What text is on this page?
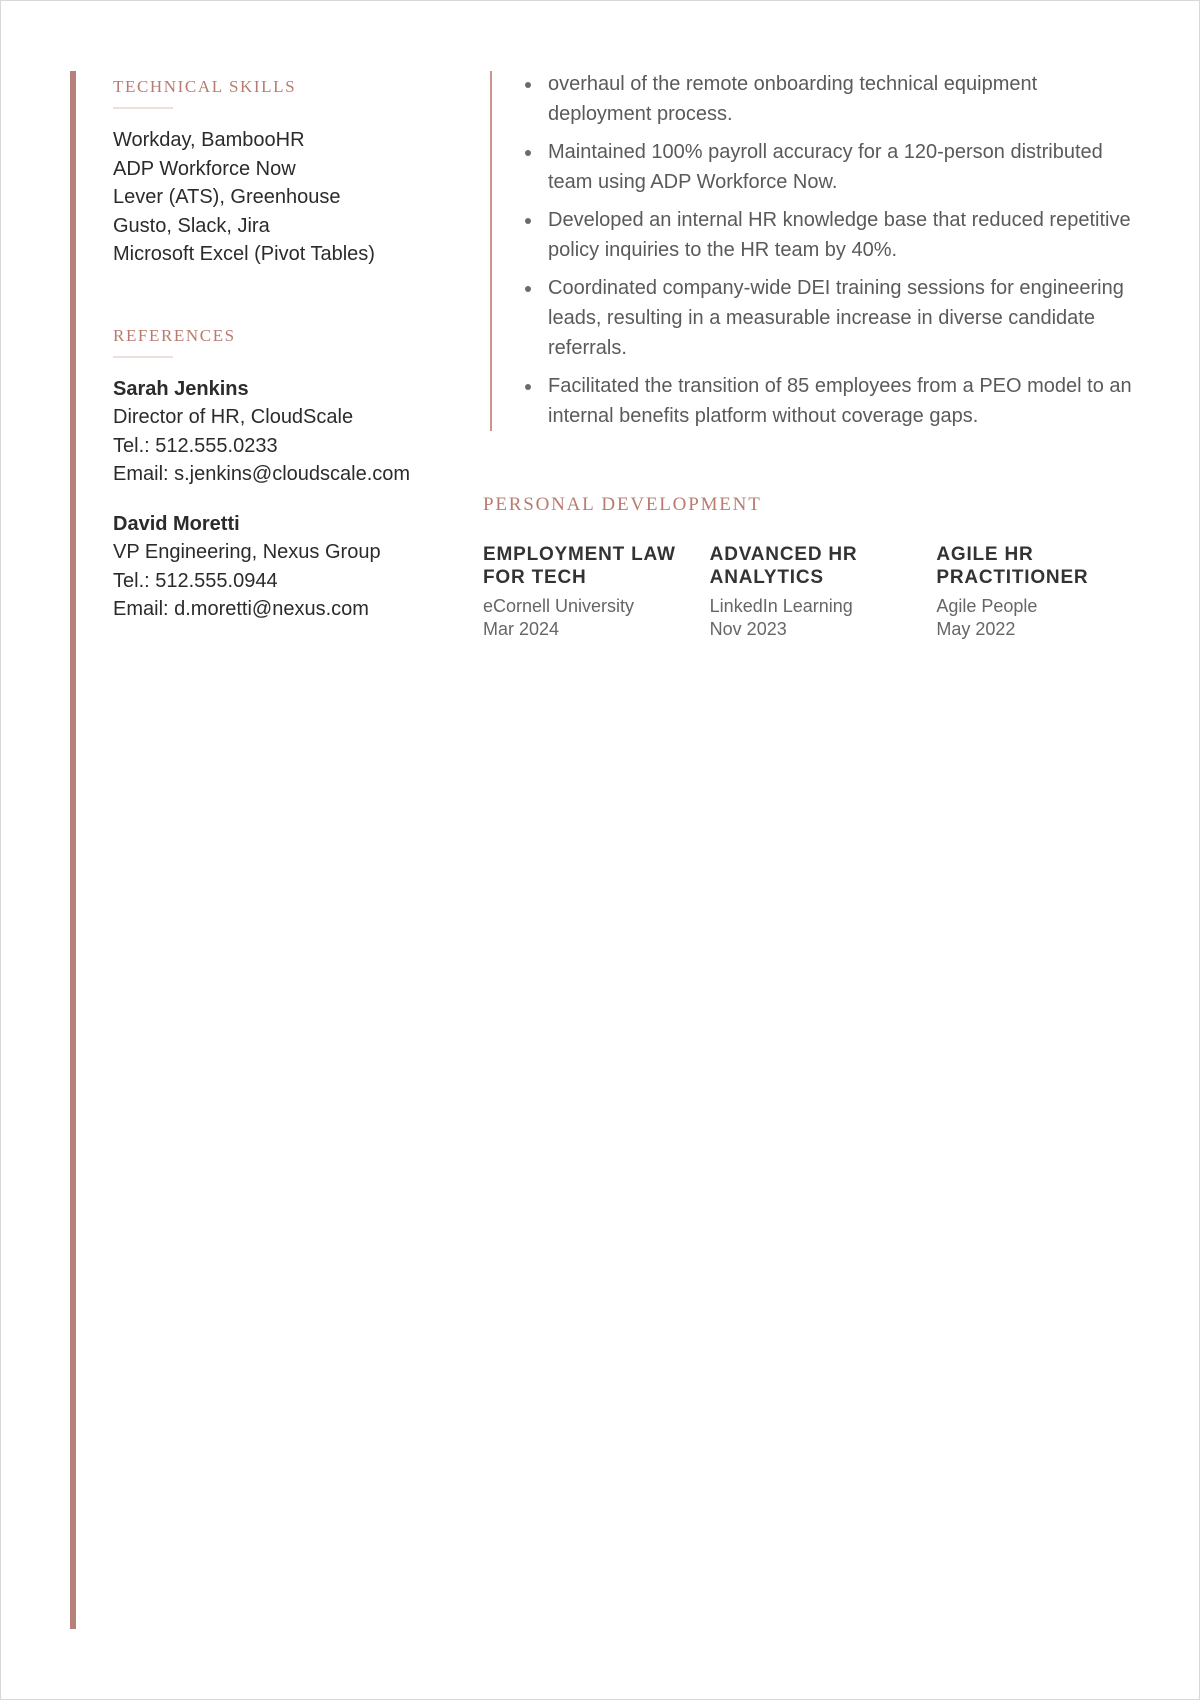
TECHNICAL SKILLS
Workday, BambooHR
ADP Workforce Now
Lever (ATS), Greenhouse
Gusto, Slack, Jira
Microsoft Excel (Pivot Tables)
REFERENCES
Sarah Jenkins
Director of HR, CloudScale
Tel.: 512.555.0233
Email: s.jenkins@cloudscale.com
David Moretti
VP Engineering, Nexus Group
Tel.: 512.555.0944
Email: d.moretti@nexus.com
overhaul of the remote onboarding technical equipment deployment process.
Maintained 100% payroll accuracy for a 120-person distributed team using ADP Workforce Now.
Developed an internal HR knowledge base that reduced repetitive policy inquiries to the HR team by 40%.
Coordinated company-wide DEI training sessions for engineering leads, resulting in a measurable increase in diverse candidate referrals.
Facilitated the transition of 85 employees from a PEO model to an internal benefits platform without coverage gaps.
PERSONAL DEVELOPMENT
EMPLOYMENT LAW FOR TECH
eCornell University
Mar 2024
ADVANCED HR ANALYTICS
LinkedIn Learning
Nov 2023
AGILE HR PRACTITIONER
Agile People
May 2022
